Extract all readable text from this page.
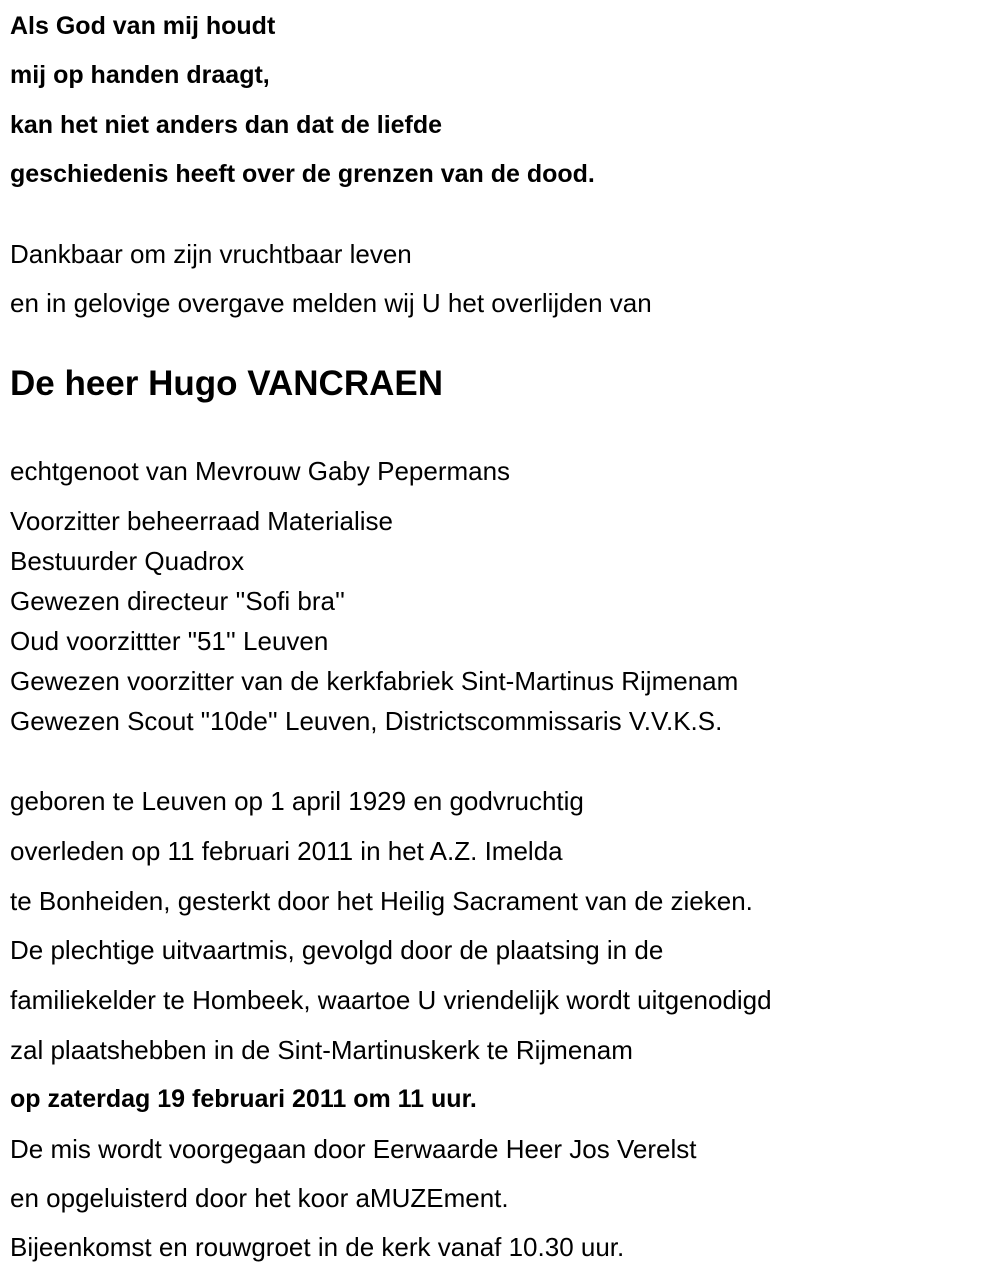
Als God van mij houdt
mij op handen draagt,
kan het niet anders dan dat de liefde
geschiedenis heeft over de grenzen van de dood.
Dankbaar om zijn vruchtbaar leven
en in gelovige overgave melden wij U het overlijden van
De heer Hugo VANCRAEN
echtgenoot van Mevrouw Gaby Pepermans
Voorzitter beheerraad Materialise
Bestuurder Quadrox
Gewezen directeur ''Sofi bra''
Oud voorzittter "51'' Leuven
Gewezen voorzitter van de kerkfabriek Sint-Martinus Rijmenam
Gewezen Scout "10de'' Leuven, Districtscommissaris V.V.K.S.
geboren te Leuven op 1 april 1929 en godvruchtig
overleden op 11 februari 2011 in het A.Z. Imelda
te Bonheiden, gesterkt door het Heilig Sacrament van de zieken.
De plechtige uitvaartmis, gevolgd door de plaatsing in de
familiekelder te Hombeek, waartoe U vriendelijk wordt uitgenodigd
zal plaatshebben in de Sint-Martinuskerk te Rijmenam
op zaterdag 19 februari 2011 om 11 uur.
De mis wordt voorgegaan door Eerwaarde Heer Jos Verelst
en opgeluisterd door het koor aMUZEment.
Bijeenkomst en rouwgroet in de kerk vanaf 10.30 uur.
